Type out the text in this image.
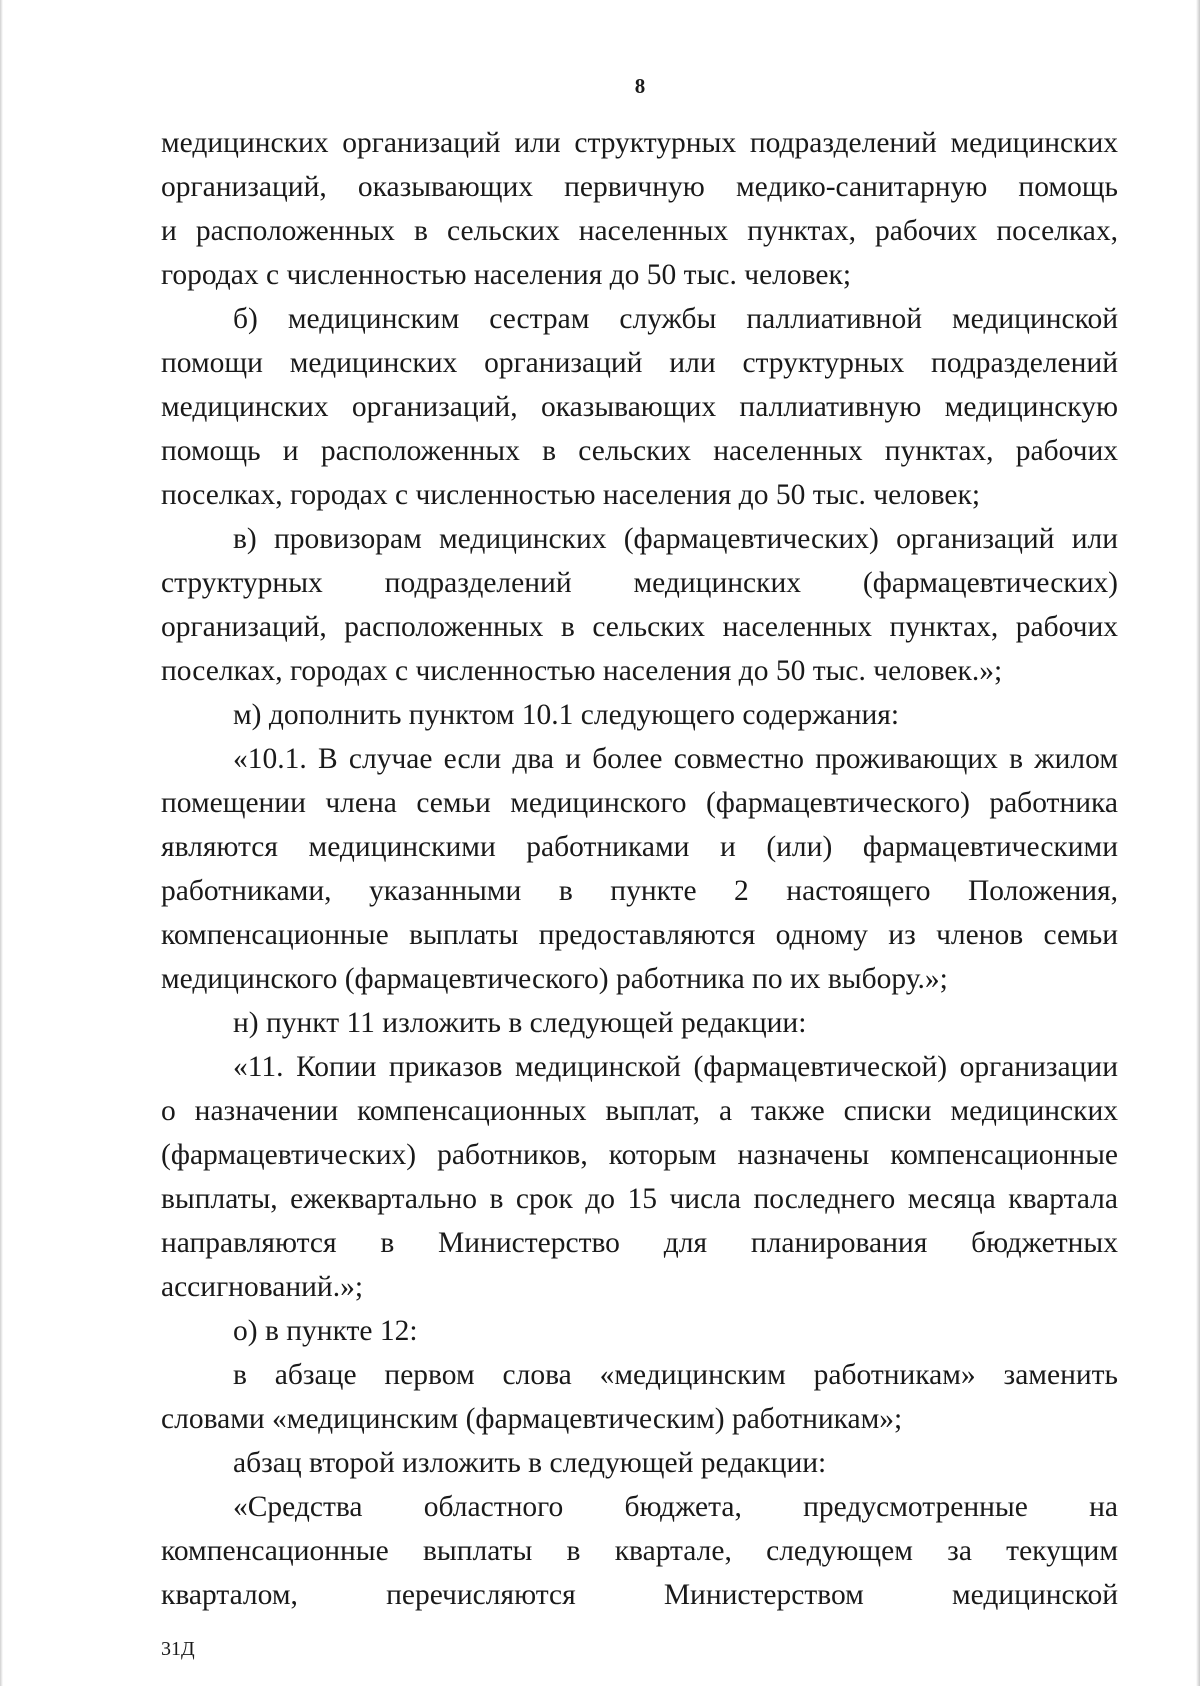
8
медицинских организаций или структурных подразделений медицинских
организаций, оказывающих первичную медико-санитарную помощь
и расположенных в сельских населенных пунктах, рабочих поселках,
городах с численностью населения до 50 тыс. человек;
б) медицинским сестрам службы паллиативной медицинской
помощи медицинских организаций или структурных подразделений
медицинских организаций, оказывающих паллиативную медицинскую
помощь и расположенных в сельских населенных пунктах, рабочих
поселках, городах с численностью населения до 50 тыс. человек;
в) провизорам медицинских (фармацевтических) организаций или
структурных подразделений медицинских (фармацевтических)
организаций, расположенных в сельских населенных пунктах, рабочих
поселках, городах с численностью населения до 50 тыс. человек.»;
м) дополнить пунктом 10.1 следующего содержания:
«10.1. В случае если два и более совместно проживающих в жилом
помещении члена семьи медицинского (фармацевтического) работника
являются медицинскими работниками и (или) фармацевтическими
работниками, указанными в пункте 2 настоящего Положения,
компенсационные выплаты предоставляются одному из членов семьи
медицинского (фармацевтического) работника по их выбору.»;
н) пункт 11 изложить в следующей редакции:
«11. Копии приказов медицинской (фармацевтической) организации
о назначении компенсационных выплат, а также списки медицинских
(фармацевтических) работников, которым назначены компенсационные
выплаты, ежеквартально в срок до 15 числа последнего месяца квартала
направляются в Министерство для планирования бюджетных
ассигнований.»;
о) в пункте 12:
в абзаце первом слова «медицинским работникам» заменить
словами «медицинским (фармацевтическим) работникам»;
абзац второй изложить в следующей редакции:
«Средства областного бюджета, предусмотренные на
компенсационные выплаты в квартале, следующем за текущим
кварталом, перечисляются Министерством медицинской
31Д
